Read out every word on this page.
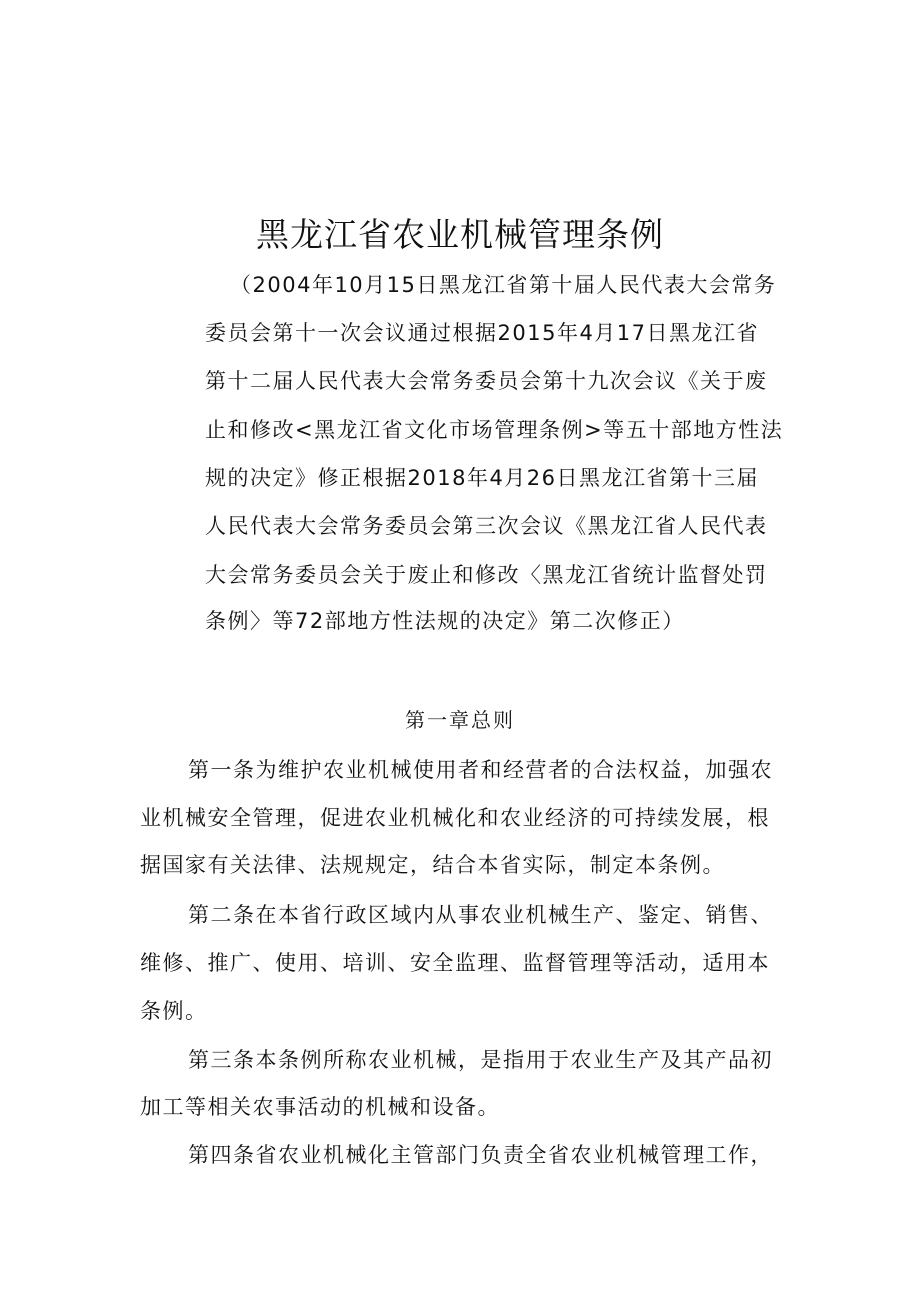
黑龙江省农业机械管理条例
（2004年10月15日黑龙江省第十届人民代表大会常务
委员会第十一次会议通过根据2015年4月17日黑龙江省
第十二届人民代表大会常务委员会第十九次会议《关于废
止和修改<黑龙江省文化市场管理条例>等五十部地方性法
规的决定》修正根据2018年4月26日黑龙江省第十三届
人民代表大会常务委员会第三次会议《黑龙江省人民代表
大会常务委员会关于废止和修改〈黑龙江省统计监督处罚
条例〉等72部地方性法规的决定》第二次修正）
第一章总则
第一条为维护农业机械使用者和经营者的合法权益，加强农
业机械安全管理，促进农业机械化和农业经济的可持续发展，根
据国家有关法律、法规规定，结合本省实际，制定本条例。
第二条在本省行政区域内从事农业机械生产、鉴定、销售、
维修、推广、使用、培训、安全监理、监督管理等活动，适用本
条例。
第三条本条例所称农业机械，是指用于农业生产及其产品初
加工等相关农事活动的机械和设备。
第四条省农业机械化主管部门负责全省农业机械管理工作，
